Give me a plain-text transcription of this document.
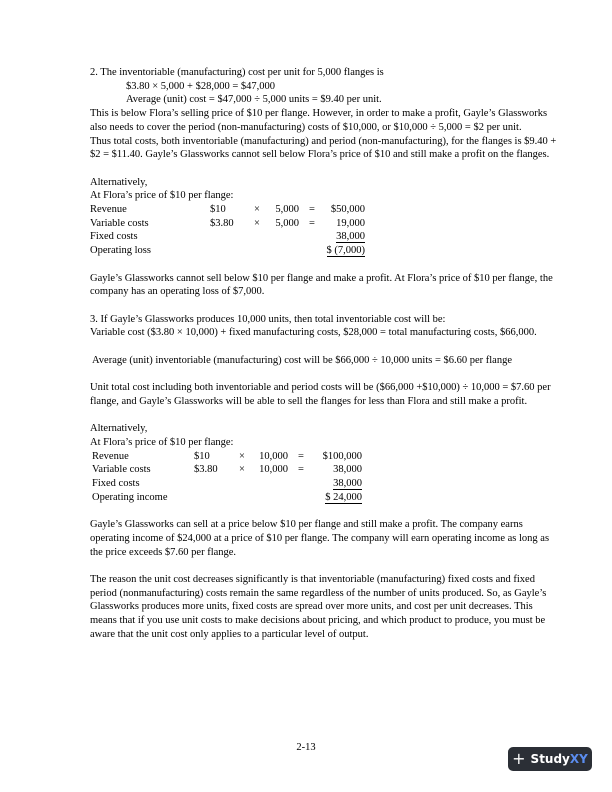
2. The inventoriable (manufacturing) cost per unit for 5,000 flanges is

$3.80 × 5,000 + $28,000 = $47,000

Average (unit) cost = $47,000 ÷ 5,000 units = $9.40 per unit.

This is below Flora’s selling price of $10 per flange. However, in order to make a profit, Gayle’s Glassworks also needs to cover the period (non-manufacturing) costs of $10,000, or $10,000 ÷ 5,000 = $2 per unit.

Thus total costs, both inventoriable (manufacturing) and period (non-manufacturing), for the flanges is $9.40 + $2 = $11.40. Gayle’s Glassworks cannot sell below Flora’s price of $10 and still make a profit on the flanges.

Alternatively,

At Flora’s price of $10 per flange:

Revenue	$10	×	5,000	=	$50,000
Variable costs	$3.80	×	5,000	=	19,000
Fixed costs					38,000
Operating loss					$ (7,000)

Gayle’s Glassworks cannot sell below $10 per flange and make a profit. At Flora’s price of $10 per flange, the company has an operating loss of $7,000.

3. If Gayle’s Glassworks produces 10,000 units, then total inventoriable cost will be:

Variable cost ($3.80 × 10,000) + fixed manufacturing costs, $28,000 = total manufacturing costs, $66,000.

Average (unit) inventoriable (manufacturing) cost will be $66,000 ÷ 10,000 units = $6.60 per flange

Unit total cost including both inventoriable and period costs will be ($66,000 +$10,000) ÷ 10,000 = $7.60 per flange, and Gayle’s Glassworks will be able to sell the flanges for less than Flora and still make a profit.

Alternatively,

At Flora’s price of $10 per flange:

Revenue	$10	×	10,000	=	$100,000
Variable costs	$3.80	×	10,000	=	38,000
Fixed costs					38,000
Operating income					$ 24,000

Gayle’s Glassworks can sell at a price below $10 per flange and still make a profit. The company earns operating income of $24,000 at a price of $10 per flange. The company will earn operating income as long as the price exceeds $7.60 per flange.

The reason the unit cost decreases significantly is that inventoriable (manufacturing) fixed costs and fixed period (nonmanufacturing) costs remain the same regardless of the number of units produced. So, as Gayle’s Glassworks produces more units, fixed costs are spread over more units, and cost per unit decreases. This means that if you use unit costs to make decisions about pricing, and which product to produce, you must be aware that the unit cost only applies to a particular level of output.

2-13
+ StudyXY
